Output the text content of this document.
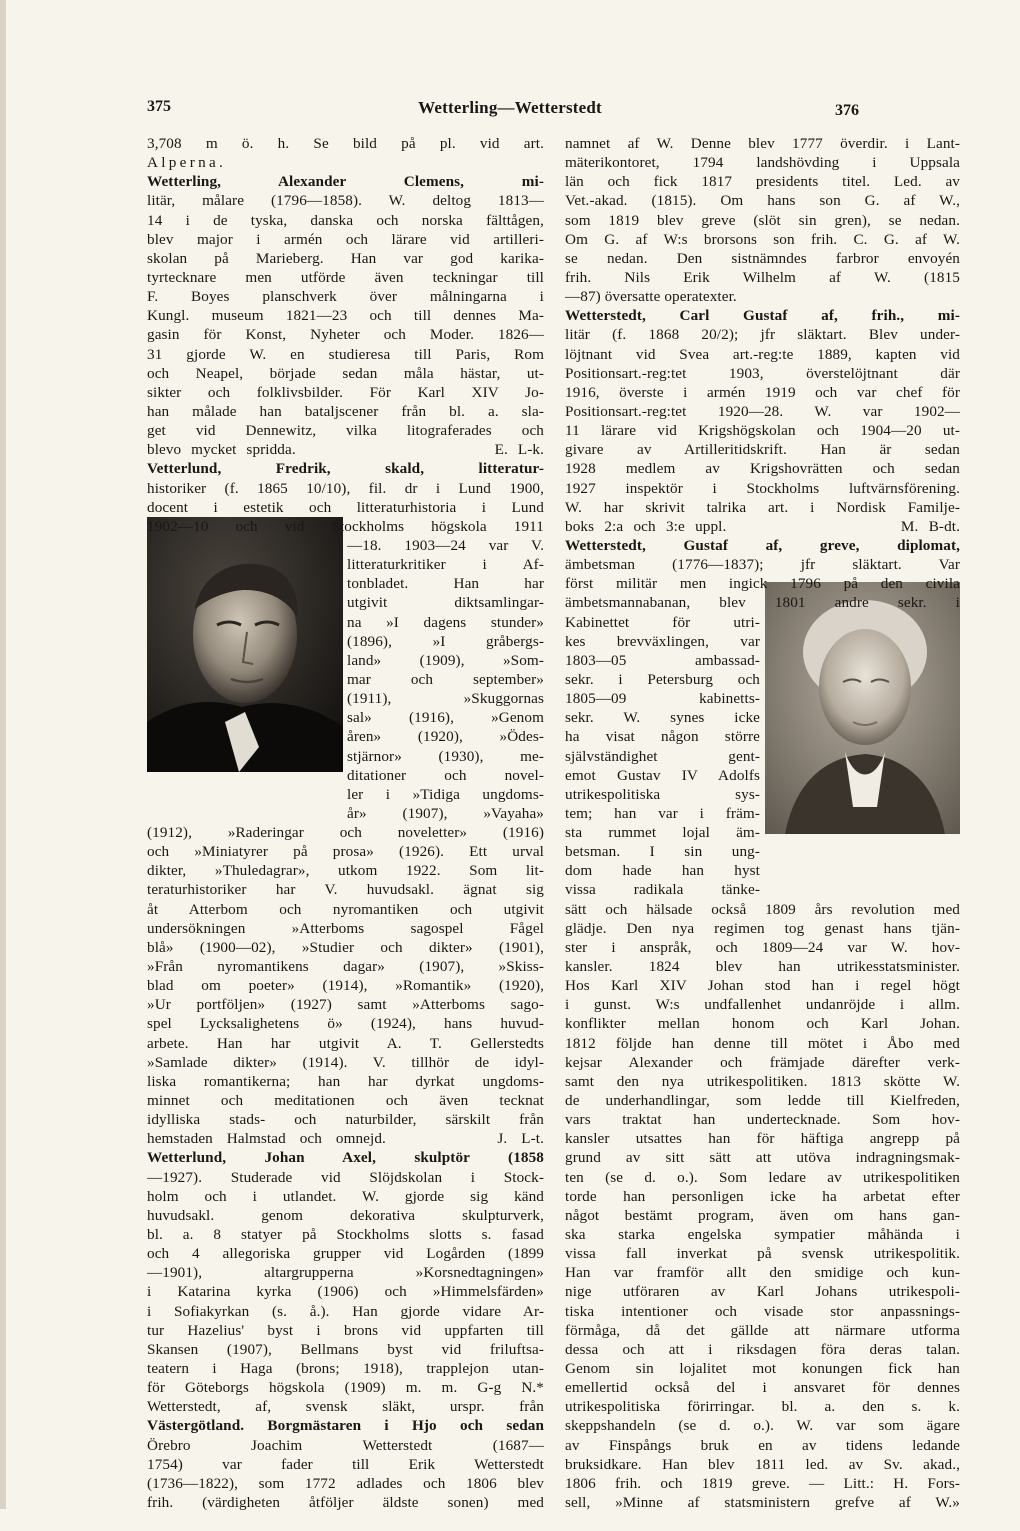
375	Wetterling—Wetterstedt	376
3,708 m ö. h. Se bild på pl. vid art.
Alperna.
Wetterling, Alexander Clemens, mi-
litär, målare (1796—1858). W. deltog 1813—
14 i de tyska, danska och norska fälttågen,
blev major i armén och lärare vid artilleri-
skolan på Marieberg. Han var god karika-
tyrtecknare men utförde även teckningar till
F. Boyes planschverk över målningarna i
Kungl. museum 1821—23 och till dennes Ma-
gasin för Konst, Nyheter och Moder. 1826—
31 gjorde W. en studieresa till Paris, Rom
och Neapel, började sedan måla hästar, ut-
sikter och folklivsbilder. För Karl XIV Jo-
han målade han bataljscener från bl. a. sla-
get vid Dennewitz, vilka litograferades och
blevo mycket spridda.                    E. L-k.
Vetterlund, Fredrik, skald, litteratur-
historiker (f. 1865 10/10), fil. dr i Lund 1900,
docent i estetik och litteraturhistoria i Lund
1902—10 och vid Stockholms högskola 1911
—18. 1903—24 var V.
litteraturkritiker i Af-
tonbladet. Han har
utgivit diktsamlingar-
na »I dagens stunder»
(1896), »I gråbergs-
land» (1909), »Som-
mar och september»
(1911), »Skuggornas
sal» (1916), »Genom
åren» (1920), »Ödes-
stjärnor» (1930), me-
ditationer och novel-
ler i »Tidiga ungdoms-
år» (1907), »Vayaha»
(1912), »Raderingar och noveletter» (1916)
och »Miniatyrer på prosa» (1926). Ett urval
dikter, »Thuledagrar», utkom 1922. Som lit-
teraturhistoriker har V. huvudsakl. ägnat sig
åt Atterbom och nyromantiken och utgivit
undersökningen »Atterboms sagospel Fågel
blå» (1900—02), »Studier och dikter» (1901),
»Från nyromantikens dagar» (1907), »Skiss-
blad om poeter» (1914), »Romantik» (1920),
»Ur portföljen» (1927) samt »Atterboms sago-
spel Lycksalighetens ö» (1924), hans huvud-
arbete. Han har utgivit A. T. Gellerstedts
»Samlade dikter» (1914). V. tillhör de idyl-
liska romantikerna; han har dyrkat ungdoms-
minnet och meditationen och även tecknat
idylliska stads- och naturbilder, särskilt från
hemstaden Halmstad och omnejd.        J. L-t.
Wetterlund, Johan Axel, skulptör (1858
—1927). Studerade vid Slöjdskolan i Stock-
holm och i utlandet. W. gjorde sig känd
huvudsakl. genom dekorativa skulpturverk,
bl. a. 8 statyer på Stockholms slotts s. fasad
och 4 allegoriska grupper vid Logården (1899
—1901), altargrupperna »Korsnedtagningen»
i Katarina kyrka (1906) och »Himmelsfärden»
i Sofiakyrkan (s. å.). Han gjorde vidare Ar-
tur Hazelius' byst i brons vid uppfarten till
Skansen (1907), Bellmans byst vid friluftsa-
teatern i Haga (brons; 1918), trapplejon utan-
för Göteborgs högskola (1909) m. m. G-g N.*
Wetterstedt, af, svensk släkt, urspr. från
Västergötland. Borgmästaren i Hjo och sedan
Örebro Joachim Wetterstedt (1687—
1754) var fader till Erik Wetterstedt
(1736—1822), som 1772 adlades och 1806 blev
frih. (värdigheten åtföljer äldste sonen) med
namnet af W. Denne blev 1777 överdir. i Lant-
mäterikontoret, 1794 landshövding i Uppsala
län och fick 1817 presidents titel. Led. av
Vet.-akad. (1815). Om hans son G. af W.,
som 1819 blev greve (slöt sin gren), se nedan.
Om G. af W:s brorsons son frih. C. G. af W.
se nedan. Den sistnämndes farbror envoyén
frih. Nils Erik Wilhelm af W. (1815
—87) översatte operatexter.
Wetterstedt, Carl Gustaf af, frih., mi-
litär (f. 1868 20/2); jfr släktart. Blev under-
löjtnant vid Svea art.-reg:te 1889, kapten vid
Positionsart.-reg:tet 1903, överstelöjtnant där
1916, överste i armén 1919 och var chef för
Positionsart.-reg:tet 1920—28. W. var 1902—
11 lärare vid Krigshögskolan och 1904—20 ut-
givare av Artilleritidskrift. Han är sedan
1928 medlem av Krigshovrätten och sedan
1927 inspektör i Stockholms luftvärnsförening.
W. har skrivit talrika art. i Nordisk Familje-
boks 2:a och 3:e uppl.                 M. B-dt.
Wetterstedt, Gustaf af, greve, diplomat,
ämbetsman (1776—1837); jfr släktart. Var
först militär men ingick 1796 på den civila
ämbetsmannabanan, blev 1801 andre sekr. i
Kabinettet för utri-
kes brevväxlingen, var
1803—05 ambassad-
sekr. i Petersburg och
1805—09 kabinetts-
sekr. W. synes icke
ha visat någon större
självständighet gent-
emot Gustav IV Adolfs
utrikespolitiska sys-
tem; han var i främ-
sta rummet lojal äm-
betsman. I sin ung-
dom hade han hyst
vissa radikala tänke-
sätt och hälsade också 1809 års revolution med
glädje. Den nya regimen tog genast hans tjän-
ster i anspråk, och 1809—24 var W. hov-
kansler. 1824 blev han utrikesstatsminister.
Hos Karl XIV Johan stod han i regel högt
i gunst. W:s undfallenhet undanröjde i allm.
konflikter mellan honom och Karl Johan.
1812 följde han denne till mötet i Åbo med
kejsar Alexander och främjade därefter verk-
samt den nya utrikespolitiken. 1813 skötte W.
de underhandlingar, som ledde till Kielfreden,
vars traktat han undertecknade. Som hov-
kansler utsattes han för häftiga angrepp på
grund av sitt sätt att utöva indragningsmak-
ten (se d. o.). Som ledare av utrikespolitiken
torde han personligen icke ha arbetat efter
något bestämt program, även om hans gan-
ska starka engelska sympatier måhända i
vissa fall inverkat på svensk utrikespolitik.
Han var framför allt den smidige och kun-
nige utföraren av Karl Johans utrikespoli-
tiska intentioner och visade stor anpassnings-
förmåga, då det gällde att närmare utforma
dessa och att i riksdagen föra deras talan.
Genom sin lojalitet mot konungen fick han
emellertid också del i ansvaret för dennes
utrikespolitiska förirringar. bl. a. den s. k.
skeppshandeln (se d. o.). W. var som ägare
av Finspångs bruk en av tidens ledande
bruksidkare. Han blev 1811 led. av Sv. akad.,
1806 frih. och 1819 greve. — Litt.: H. Fors-
sell, »Minne af statsministern grefve af W.»
